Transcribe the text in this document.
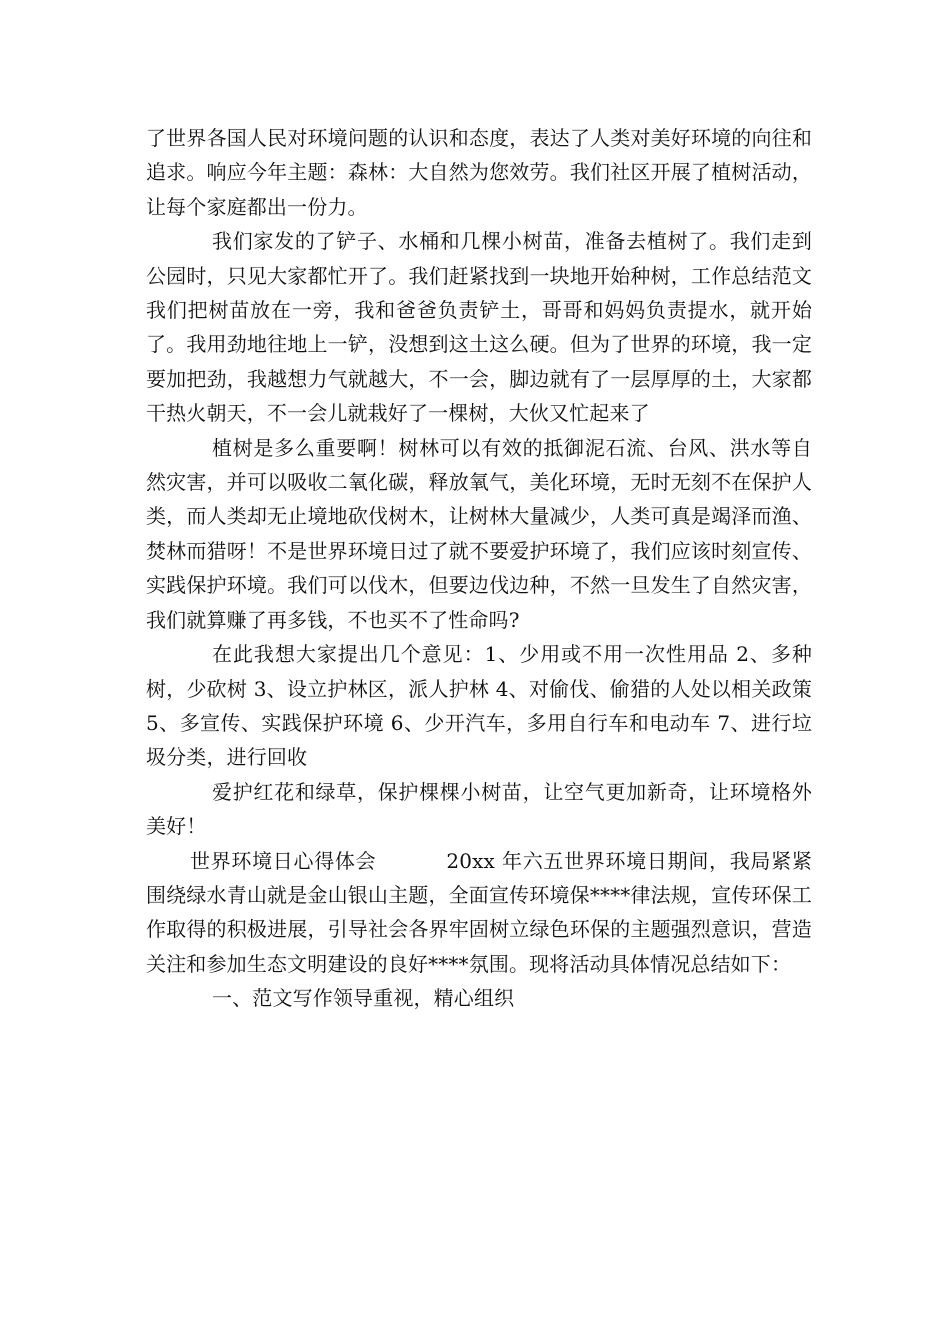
了世界各国人民对环境问题的认识和态度，表达了人类对美好环境的向往和追求。响应今年主题：森林：大自然为您效劳。我们社区开展了植树活动，让每个家庭都出一份力。

我们家发的了铲子、水桶和几棵小树苗，准备去植树了。我们走到公园时，只见大家都忙开了。我们赶紧找到一块地开始种树，工作总结范文我们把树苗放在一旁，我和爸爸负责铲土，哥哥和妈妈负责提水，就开始了。我用劲地往地上一铲，没想到这土这么硬。但为了世界的环境，我一定要加把劲，我越想力气就越大，不一会，脚边就有了一层厚厚的土，大家都干热火朝天，不一会儿就栽好了一棵树，大伙又忙起来了

植树是多么重要啊！树林可以有效的抵御泥石流、台风、洪水等自然灾害，并可以吸收二氧化碳，释放氧气，美化环境，无时无刻不在保护人类，而人类却无止境地砍伐树木，让树林大量减少，人类可真是竭泽而渔、焚林而猎呀！不是世界环境日过了就不要爱护环境了，我们应该时刻宣传、实践保护环境。我们可以伐木，但要边伐边种，不然一旦发生了自然灾害，我们就算赚了再多钱，不也买不了性命吗?

在此我想大家提出几个意见：1、少用或不用一次性用品 2、多种树，少砍树 3、设立护林区，派人护林 4、对偷伐、偷猎的人处以相关政策 5、多宣传、实践保护环境 6、少开汽车，多用自行车和电动车 7、进行垃圾分类，进行回收

爱护红花和绿草，保护棵棵小树苗，让空气更加新奇，让环境格外美好！

世界环境日心得体会	20xx 年六五世界环境日期间，我局紧紧围绕绿水青山就是金山银山主题，全面宣传环境保****律法规，宣传环保工作取得的积极进展，引导社会各界牢固树立绿色环保的主题强烈意识，营造关注和参加生态文明建设的良好****氛围。现将活动具体情况总结如下：

一、范文写作领导重视，精心组织
